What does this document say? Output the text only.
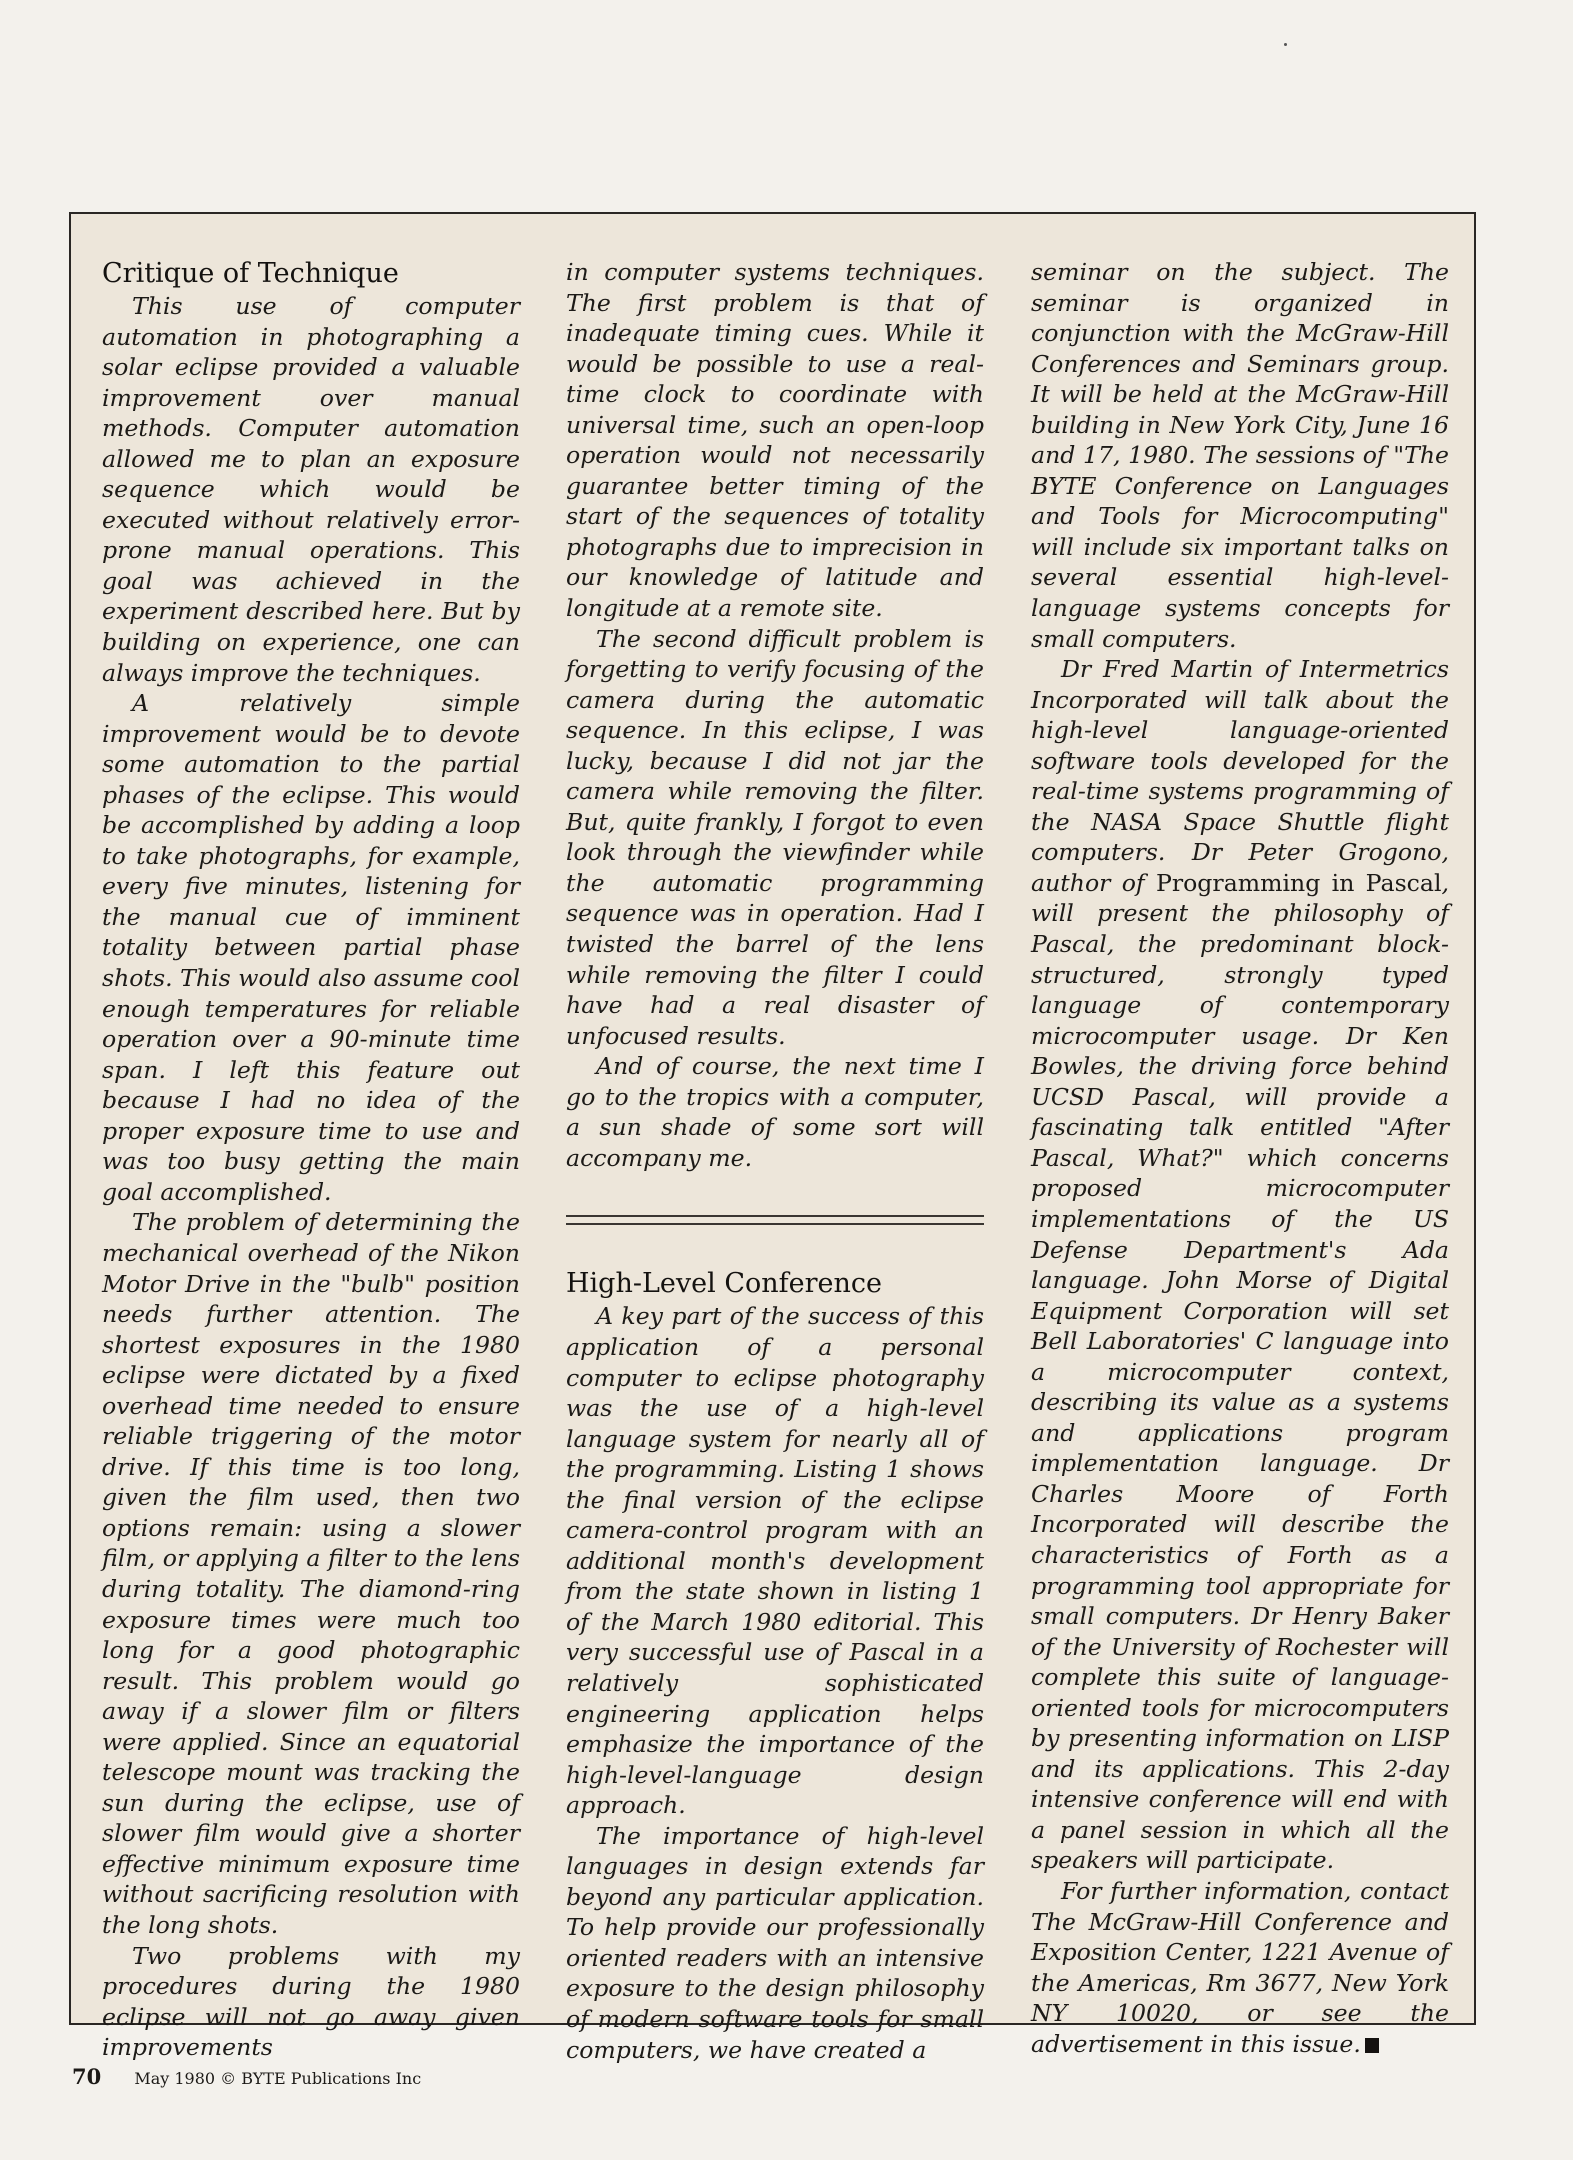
Critique of Technique

This use of computer automation in photographing a solar eclipse provided a valuable improvement over manual methods. Computer automation allowed me to plan an exposure sequence which would be executed without relatively error-prone manual operations. This goal was achieved in the experiment described here. But by building on experience, one can always improve the techniques.

A relatively simple improvement would be to devote some automation to the partial phases of the eclipse. This would be accomplished by adding a loop to take photographs, for example, every five minutes, listening for the manual cue of imminent totality between partial phase shots. This would also assume cool enough temperatures for reliable operation over a 90-minute time span. I left this feature out because I had no idea of the proper exposure time to use and was too busy getting the main goal accomplished.

The problem of determining the mechanical overhead of the Nikon Motor Drive in the "bulb" position needs further attention. The shortest exposures in the 1980 eclipse were dictated by a fixed overhead time needed to ensure reliable triggering of the motor drive. If this time is too long, given the film used, then two options remain: using a slower film, or applying a filter to the lens during totality. The diamond-ring exposure times were much too long for a good photographic result. This problem would go away if a slower film or filters were applied. Since an equatorial telescope mount was tracking the sun during the eclipse, use of slower film would give a shorter effective minimum exposure time without sacrificing resolution with the long shots.

Two problems with my procedures during the 1980 eclipse will not go away given improvements

in computer systems techniques. The first problem is that of inadequate timing cues. While it would be possible to use a real-time clock to coordinate with universal time, such an open-loop operation would not necessarily guarantee better timing of the start of the sequences of totality photographs due to imprecision in our knowledge of latitude and longitude at a remote site.

The second difficult problem is forgetting to verify focusing of the camera during the automatic sequence. In this eclipse, I was lucky, because I did not jar the camera while removing the filter. But, quite frankly, I forgot to even look through the viewfinder while the automatic programming sequence was in operation. Had I twisted the barrel of the lens while removing the filter I could have had a real disaster of unfocused results.

And of course, the next time I go to the tropics with a computer, a sun shade of some sort will accompany me.

High-Level Conference

A key part of the success of this application of a personal computer to eclipse photography was the use of a high-level language system for nearly all of the programming. Listing 1 shows the final version of the eclipse camera-control program with an additional month's development from the state shown in listing 1 of the March 1980 editorial. This very successful use of Pascal in a relatively sophisticated engineering application helps emphasize the importance of the high-level-language design approach.

The importance of high-level languages in design extends far beyond any particular application. To help provide our professionally oriented readers with an intensive exposure to the design philosophy of modern software tools for small computers, we have created a

seminar on the subject. The seminar is organized in conjunction with the McGraw-Hill Conferences and Seminars group. It will be held at the McGraw-Hill building in New York City, June 16 and 17, 1980. The sessions of "The BYTE Conference on Languages and Tools for Microcomputing" will include six important talks on several essential high-level-language systems concepts for small computers.

Dr Fred Martin of Intermetrics Incorporated will talk about the high-level language-oriented software tools developed for the real-time systems programming of the NASA Space Shuttle flight computers. Dr Peter Grogono, author of Programming in Pascal, will present the philosophy of Pascal, the predominant block-structured, strongly typed language of contemporary microcomputer usage. Dr Ken Bowles, the driving force behind UCSD Pascal, will provide a fascinating talk entitled "After Pascal, What?" which concerns proposed microcomputer implementations of the US Defense Department's Ada language. John Morse of Digital Equipment Corporation will set Bell Laboratories' C language into a microcomputer context, describing its value as a systems and applications program implementation language. Dr Charles Moore of Forth Incorporated will describe the characteristics of Forth as a programming tool appropriate for small computers. Dr Henry Baker of the University of Rochester will complete this suite of language-oriented tools for microcomputers by presenting information on LISP and its applications. This 2-day intensive conference will end with a panel session in which all the speakers will participate.

For further information, contact The McGraw-Hill Conference and Exposition Center, 1221 Avenue of the Americas, Rm 3677, New York NY 10020, or see the advertisement in this issue.

70 May 1980 © BYTE Publications Inc
